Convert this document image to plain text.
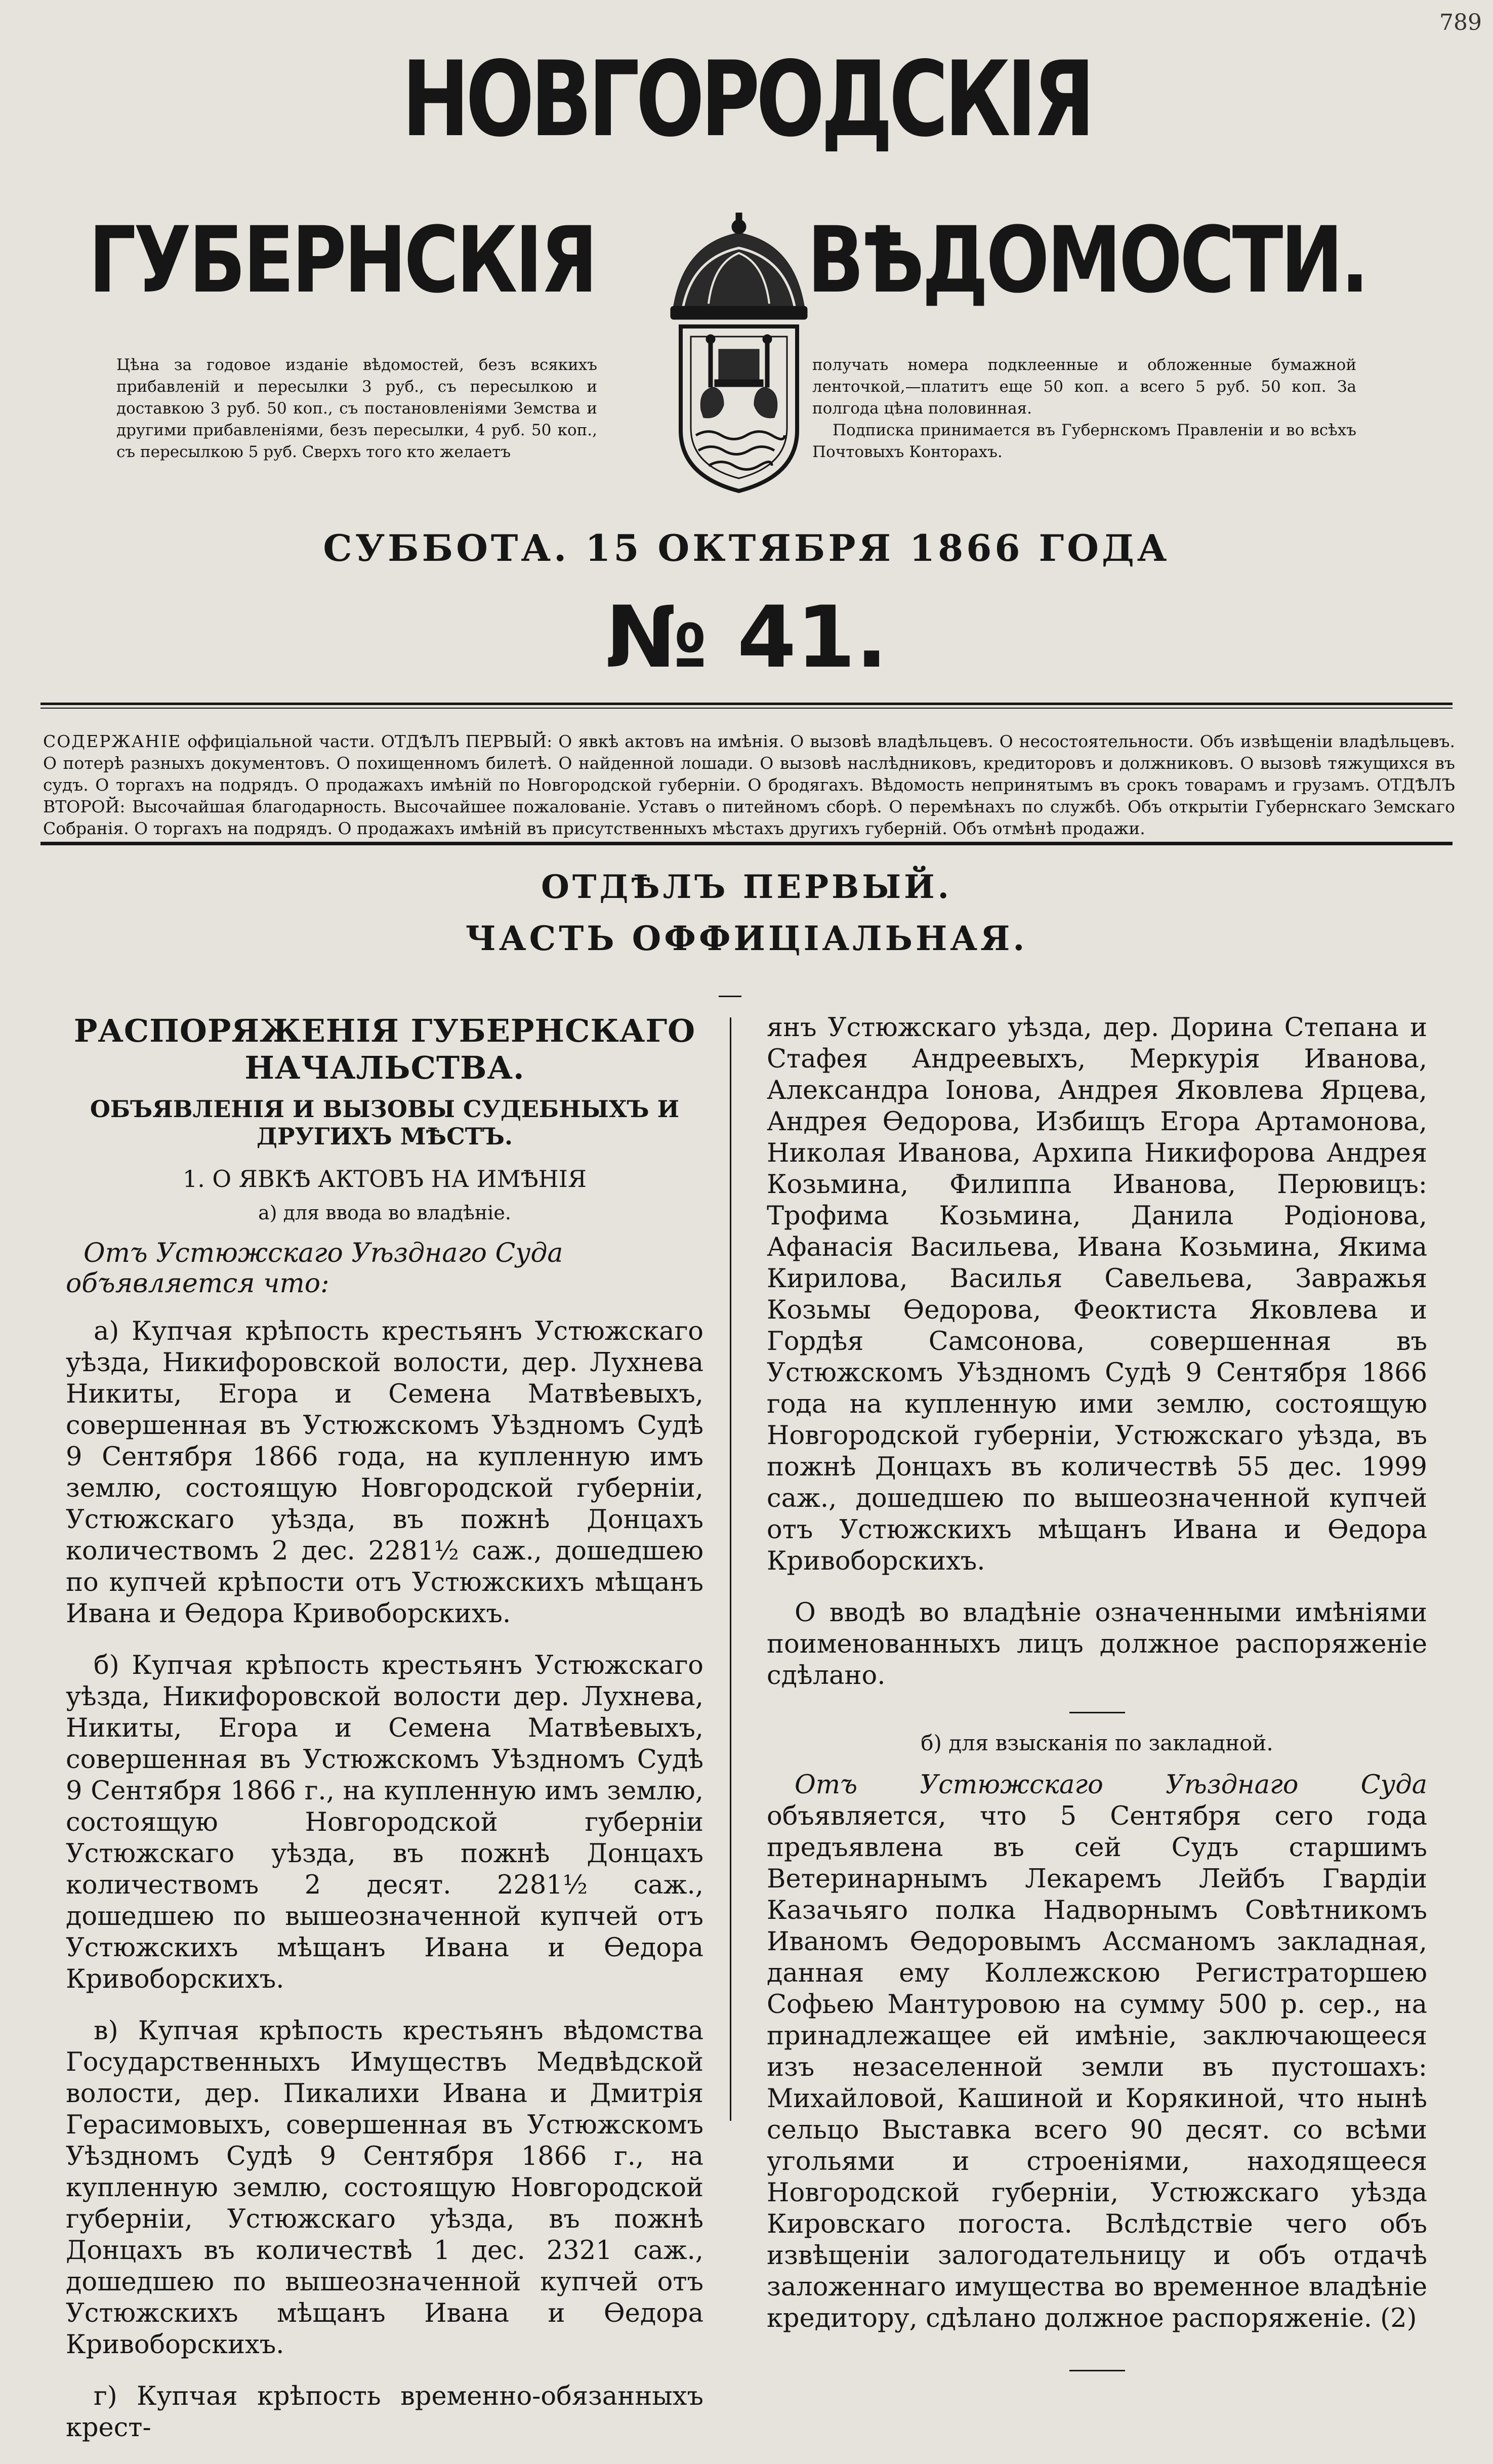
789
НОВГОРОДСКІЯ
ГУБЕРНСКІЯ ВѢДОМОСТИ.
Цѣна за годовое изданіе вѣдомостей, безъ всякихъ прибавленій и пересылки 3 руб., съ пересылкою и доставкою 3 руб. 50 коп., съ постановленіями Земства и другими прибавленіями, безъ пересылки, 4 руб. 50 коп., съ пересылкою 5 руб. Сверхъ того кто желаетъ
получать номера подклеенные и обложенные бумажной ленточкой,—платитъ еще 50 коп. а всего 5 руб. 50 коп. За полгода цѣна половинная.
Подписка принимается въ Губернскомъ Правленіи и во всѣхъ Почтовыхъ Конторахъ.
СУББОТА. 15 ОКТЯБРЯ 1866 ГОДА
№ 41.
СОДЕРЖАНІЕ оффиціальной части. ОТДѢЛЪ ПЕРВЫЙ: О явкѣ актовъ на имѣнія. О вызовѣ владѣльцевъ. О несостоятельности. Объ извѣщеніи владѣльцевъ. О потерѣ разныхъ документовъ. О похищенномъ билетѣ. О найденной лошади. О вызовѣ наслѣдниковъ, кредиторовъ и должниковъ. О вызовѣ тяжущихся въ судъ. О торгахъ на подрядъ. О продажахъ имѣній по Новгородской губерніи. О бродягахъ. Вѣдомость непринятымъ въ срокъ товарамъ и грузамъ. ОТДѢЛЪ ВТОРОЙ: Высочайшая благодарность. Высочайшее пожалованіе. Уставъ о питейномъ сборѣ. О перемѣнахъ по службѣ. Объ открытіи Губернскаго Земскаго Собранія. О торгахъ на подрядъ. О продажахъ имѣній въ присутственныхъ мѣстахъ другихъ губерній. Объ отмѣнѣ продажи.
ОТДѢЛЪ ПЕРВЫЙ.
ЧАСТЬ ОФФИЦІАЛЬНАЯ.
РАСПОРЯЖЕНІЯ ГУБЕРНСКАГО НАЧАЛЬСТВА.
ОБЪЯВЛЕНІЯ И ВЫЗОВЫ СУДЕБНЫХЪ И ДРУГИХЪ МѢСТЪ.
1. О ЯВКѢ АКТОВЪ НА ИМѢНІЯ
а) для ввода во владѣніе.
Отъ Устюжскаго Уѣзднаго Суда объявляется что:
а) Купчая крѣпость крестьянъ Устюжскаго уѣзда, Никифоровской волости, дер. Лухнева Никиты, Егора и Семена Матвѣевыхъ, совершенная въ Устюжскомъ Уѣздномъ Судѣ 9 Сентября 1866 года, на купленную имъ землю, состоящую Новгородской губерніи, Устюжскаго уѣзда, въ пожнѣ Донцахъ количествомъ 2 дес. 2281½ саж., дошедшею по купчей крѣпости отъ Устюжскихъ мѣщанъ Ивана и Ѳедора Кривоборскихъ.
б) Купчая крѣпость крестьянъ Устюжскаго уѣзда, Никифоровской волости дер. Лухнева, Никиты, Егора и Семена Матвѣевыхъ, совершенная въ Устюжскомъ Уѣздномъ Судѣ 9 Сентября 1866 г., на купленную имъ землю, состоящую Новгородской губерніи Устюжскаго уѣзда, въ пожнѣ Донцахъ количествомъ 2 десят. 2281½ саж., дошедшею по вышеозначенной купчей отъ Устюжскихъ мѣщанъ Ивана и Ѳедора Кривоборскихъ.
в) Купчая крѣпость крестьянъ вѣдомства Государственныхъ Имуществъ Медвѣдской волости, дер. Пикалихи Ивана и Дмитрія Герасимовыхъ, совершенная въ Устюжскомъ Уѣздномъ Судѣ 9 Сентября 1866 г., на купленную землю, состоящую Новгородской губерніи, Устюжскаго уѣзда, въ пожнѣ Донцахъ въ количествѣ 1 дес. 2321 саж., дошедшею по вышеозначенной купчей отъ Устюжскихъ мѣщанъ Ивана и Ѳедора Кривоборскихъ.
г) Купчая крѣпость временно-обязанныхъ крест-
янъ Устюжскаго уѣзда, дер. Дорина Степана и Стафея Андреевыхъ, Меркурія Иванова, Александра Іонова, Андрея Яковлева Ярцева, Андрея Ѳедорова, Избищъ Егора Артамонова, Николая Иванова, Архипа Никифорова Андрея Козьмина, Филиппа Иванова, Перювицъ: Трофима Козьмина, Данила Родіонова, Афанасія Васильева, Ивана Козьмина, Якима Кирилова, Василья Савельева, Завражья Козьмы Ѳедорова, Феоктиста Яковлева и Гордѣя Самсонова, совершенная въ Устюжскомъ Уѣздномъ Судѣ 9 Сентября 1866 года на купленную ими землю, состоящую Новгородской губерніи, Устюжскаго уѣзда, въ пожнѣ Донцахъ въ количествѣ 55 дес. 1999 саж., дошедшею по вышеозначенной купчей отъ Устюжскихъ мѣщанъ Ивана и Ѳедора Кривоборскихъ.
О вводѣ во владѣніе означенными имѣніями поименованныхъ лицъ должное распоряженіе сдѣлано.
б) для взысканія по закладной.
Отъ Устюжскаго Уѣзднаго Суда объявляется, что 5 Сентября сего года предъявлена въ сей Судъ старшимъ Ветеринарнымъ Лекаремъ Лейбъ Гвардіи Казачьяго полка Надворнымъ Совѣтникомъ Иваномъ Ѳедоровымъ Ассманомъ закладная, данная ему Коллежскою Регистраторшею Софьею Мантуровою на сумму 500 р. сер., на принадлежащее ей имѣніе, заключающееся изъ незаселенной земли въ пустошахъ: Михайловой, Кашиной и Корякиной, что нынѣ сельцо Выставка всего 90 десят. со всѣми угольями и строеніями, находящееся Новгородской губерніи, Устюжскаго уѣзда Кировскаго погоста. Вслѣдствіе чего объ извѣщеніи залогодательницу и объ отдачѣ заложеннаго имущества во временное владѣніе кредитору, сдѣлано должное распоряженіе. (2)
